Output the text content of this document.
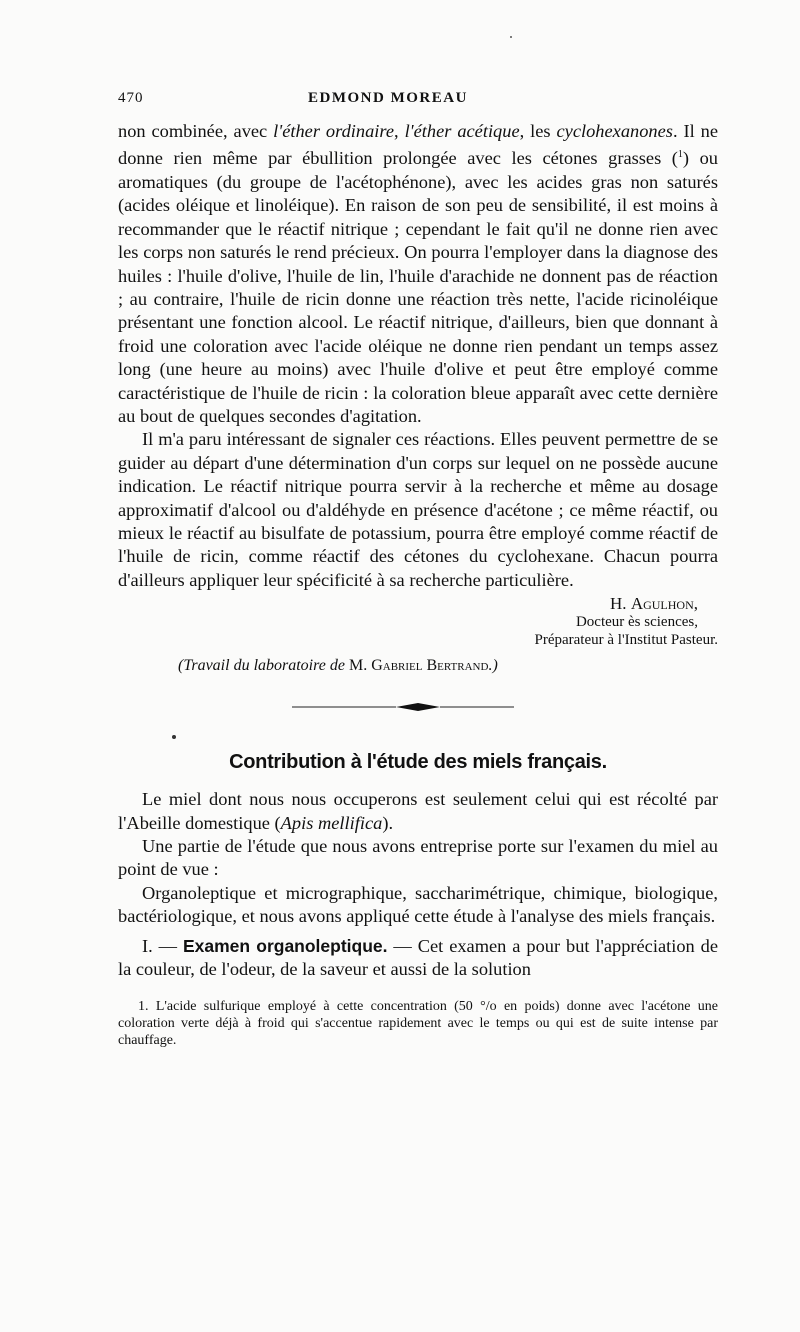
470	EDMOND MOREAU

non combinée, avec l'éther ordinaire, l'éther acétique, les cyclohexanones. Il ne donne rien même par ébullition prolongée avec les cétones grasses ($^1$) ou aromatiques (du groupe de l'acétophénone), avec les acides gras non saturés (acides oléique et linoléique). En raison de son peu de sensibilité, il est moins à recommander que le réactif nitrique ; cependant le fait qu'il ne donne rien avec les corps non saturés le rend précieux. On pourra l'employer dans la diagnose des huiles : l'huile d'olive, l'huile de lin, l'huile d'arachide ne donnent pas de réaction ; au contraire, l'huile de ricin donne une réaction très nette, l'acide ricinoléique présentant une fonction alcool. Le réactif nitrique, d'ailleurs, bien que donnant à froid une coloration avec l'acide oléique ne donne rien pendant un temps assez long (une heure au moins) avec l'huile d'olive et peut être employé comme caractéristique de l'huile de ricin : la coloration bleue apparaît avec cette dernière au bout de quelques secondes d'agitation.

Il m'a paru intéressant de signaler ces réactions. Elles peuvent permettre de se guider au départ d'une détermination d'un corps sur lequel on ne possède aucune indication. Le réactif nitrique pourra servir à la recherche et même au dosage approximatif d'alcool ou d'aldéhyde en présence d'acétone ; ce même réactif, ou mieux le réactif au bisulfate de potassium, pourra être employé comme réactif de l'huile de ricin, comme réactif des cétones du cyclohexane. Chacun pourra d'ailleurs appliquer leur spécificité à sa recherche particulière.

H. Agulhon,
Docteur ès sciences,
Préparateur à l'Institut Pasteur.
(Travail du laboratoire de M. Gabriel Bertrand.)
Contribution à l'étude des miels français.

Le miel dont nous nous occuperons est seulement celui qui est récolté par l'Abeille domestique (Apis mellifica).

Une partie de l'étude que nous avons entreprise porte sur l'examen du miel au point de vue :

Organoleptique et micrographique, saccharimétrique, chimique, biologique, bactériologique, et nous avons appliqué cette étude à l'analyse des miels français.

I. — Examen organoleptique. — Cet examen a pour but l'appréciation de la couleur, de l'odeur, de la saveur et aussi de la solution

1. L'acide sulfurique employé à cette concentration (50 °/o en poids) donne avec l'acétone une coloration verte déjà à froid qui s'accentue rapidement avec le temps ou qui est de suite intense par chauffage.
